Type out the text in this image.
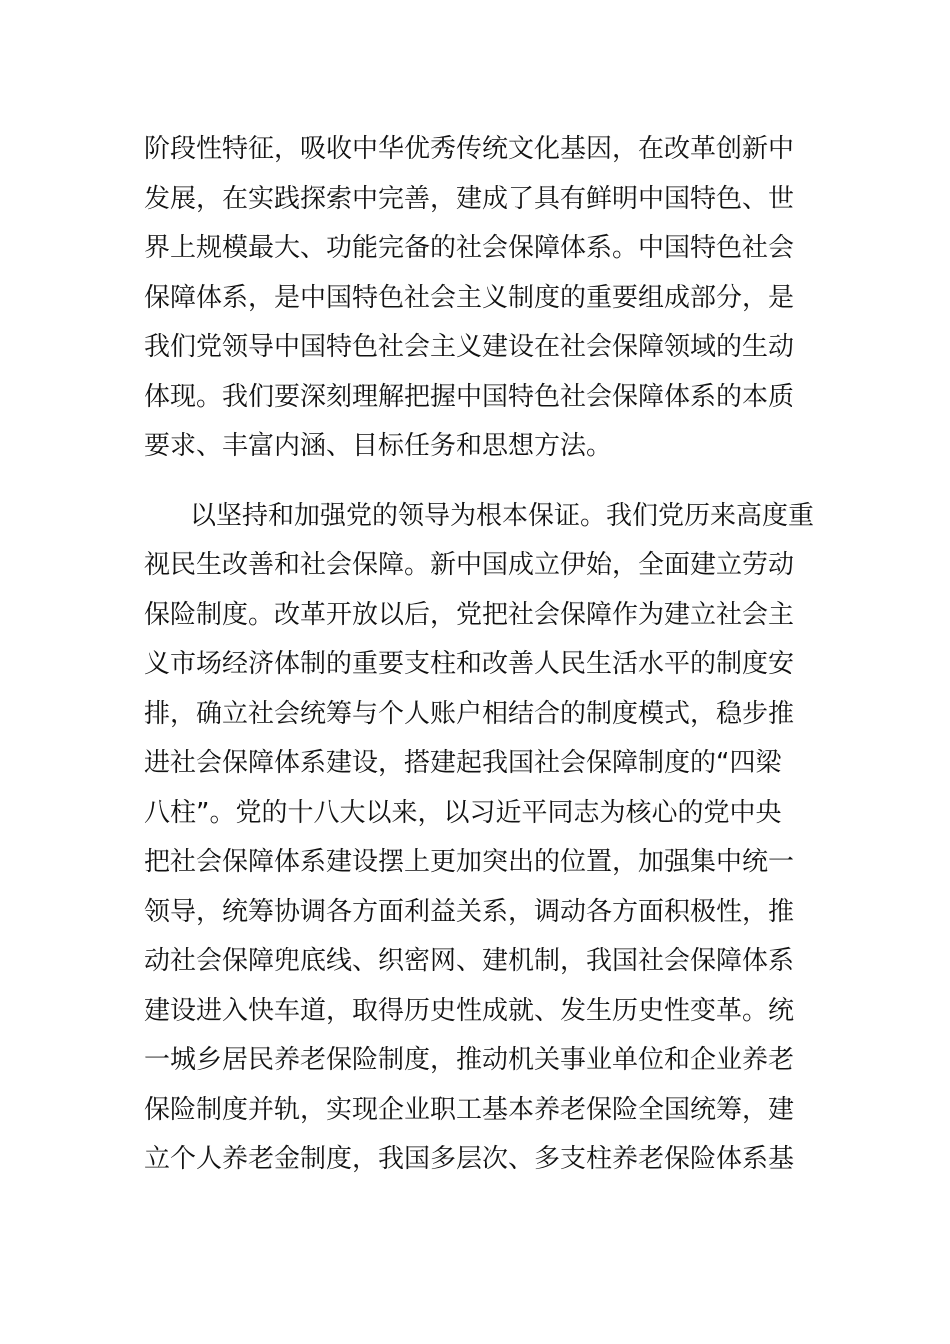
阶段性特征，吸收中华优秀传统文化基因，在改革创新中
发展，在实践探索中完善，建成了具有鲜明中国特色、世
界上规模最大、功能完备的社会保障体系。中国特色社会
保障体系，是中国特色社会主义制度的重要组成部分，是
我们党领导中国特色社会主义建设在社会保障领域的生动
体现。我们要深刻理解把握中国特色社会保障体系的本质
要求、丰富内涵、目标任务和思想方法。
以坚持和加强党的领导为根本保证。我们党历来高度重
视民生改善和社会保障。新中国成立伊始，全面建立劳动
保险制度。改革开放以后，党把社会保障作为建立社会主
义市场经济体制的重要支柱和改善人民生活水平的制度安
排，确立社会统筹与个人账户相结合的制度模式，稳步推
进社会保障体系建设，搭建起我国社会保障制度的“四梁
八柱”。党的十八大以来，以习近平同志为核心的党中央
把社会保障体系建设摆上更加突出的位置，加强集中统一
领导，统筹协调各方面利益关系，调动各方面积极性，推
动社会保障兜底线、织密网、建机制，我国社会保障体系
建设进入快车道，取得历史性成就、发生历史性变革。统
一城乡居民养老保险制度，推动机关事业单位和企业养老
保险制度并轨，实现企业职工基本养老保险全国统筹，建
立个人养老金制度，我国多层次、多支柱养老保险体系基
